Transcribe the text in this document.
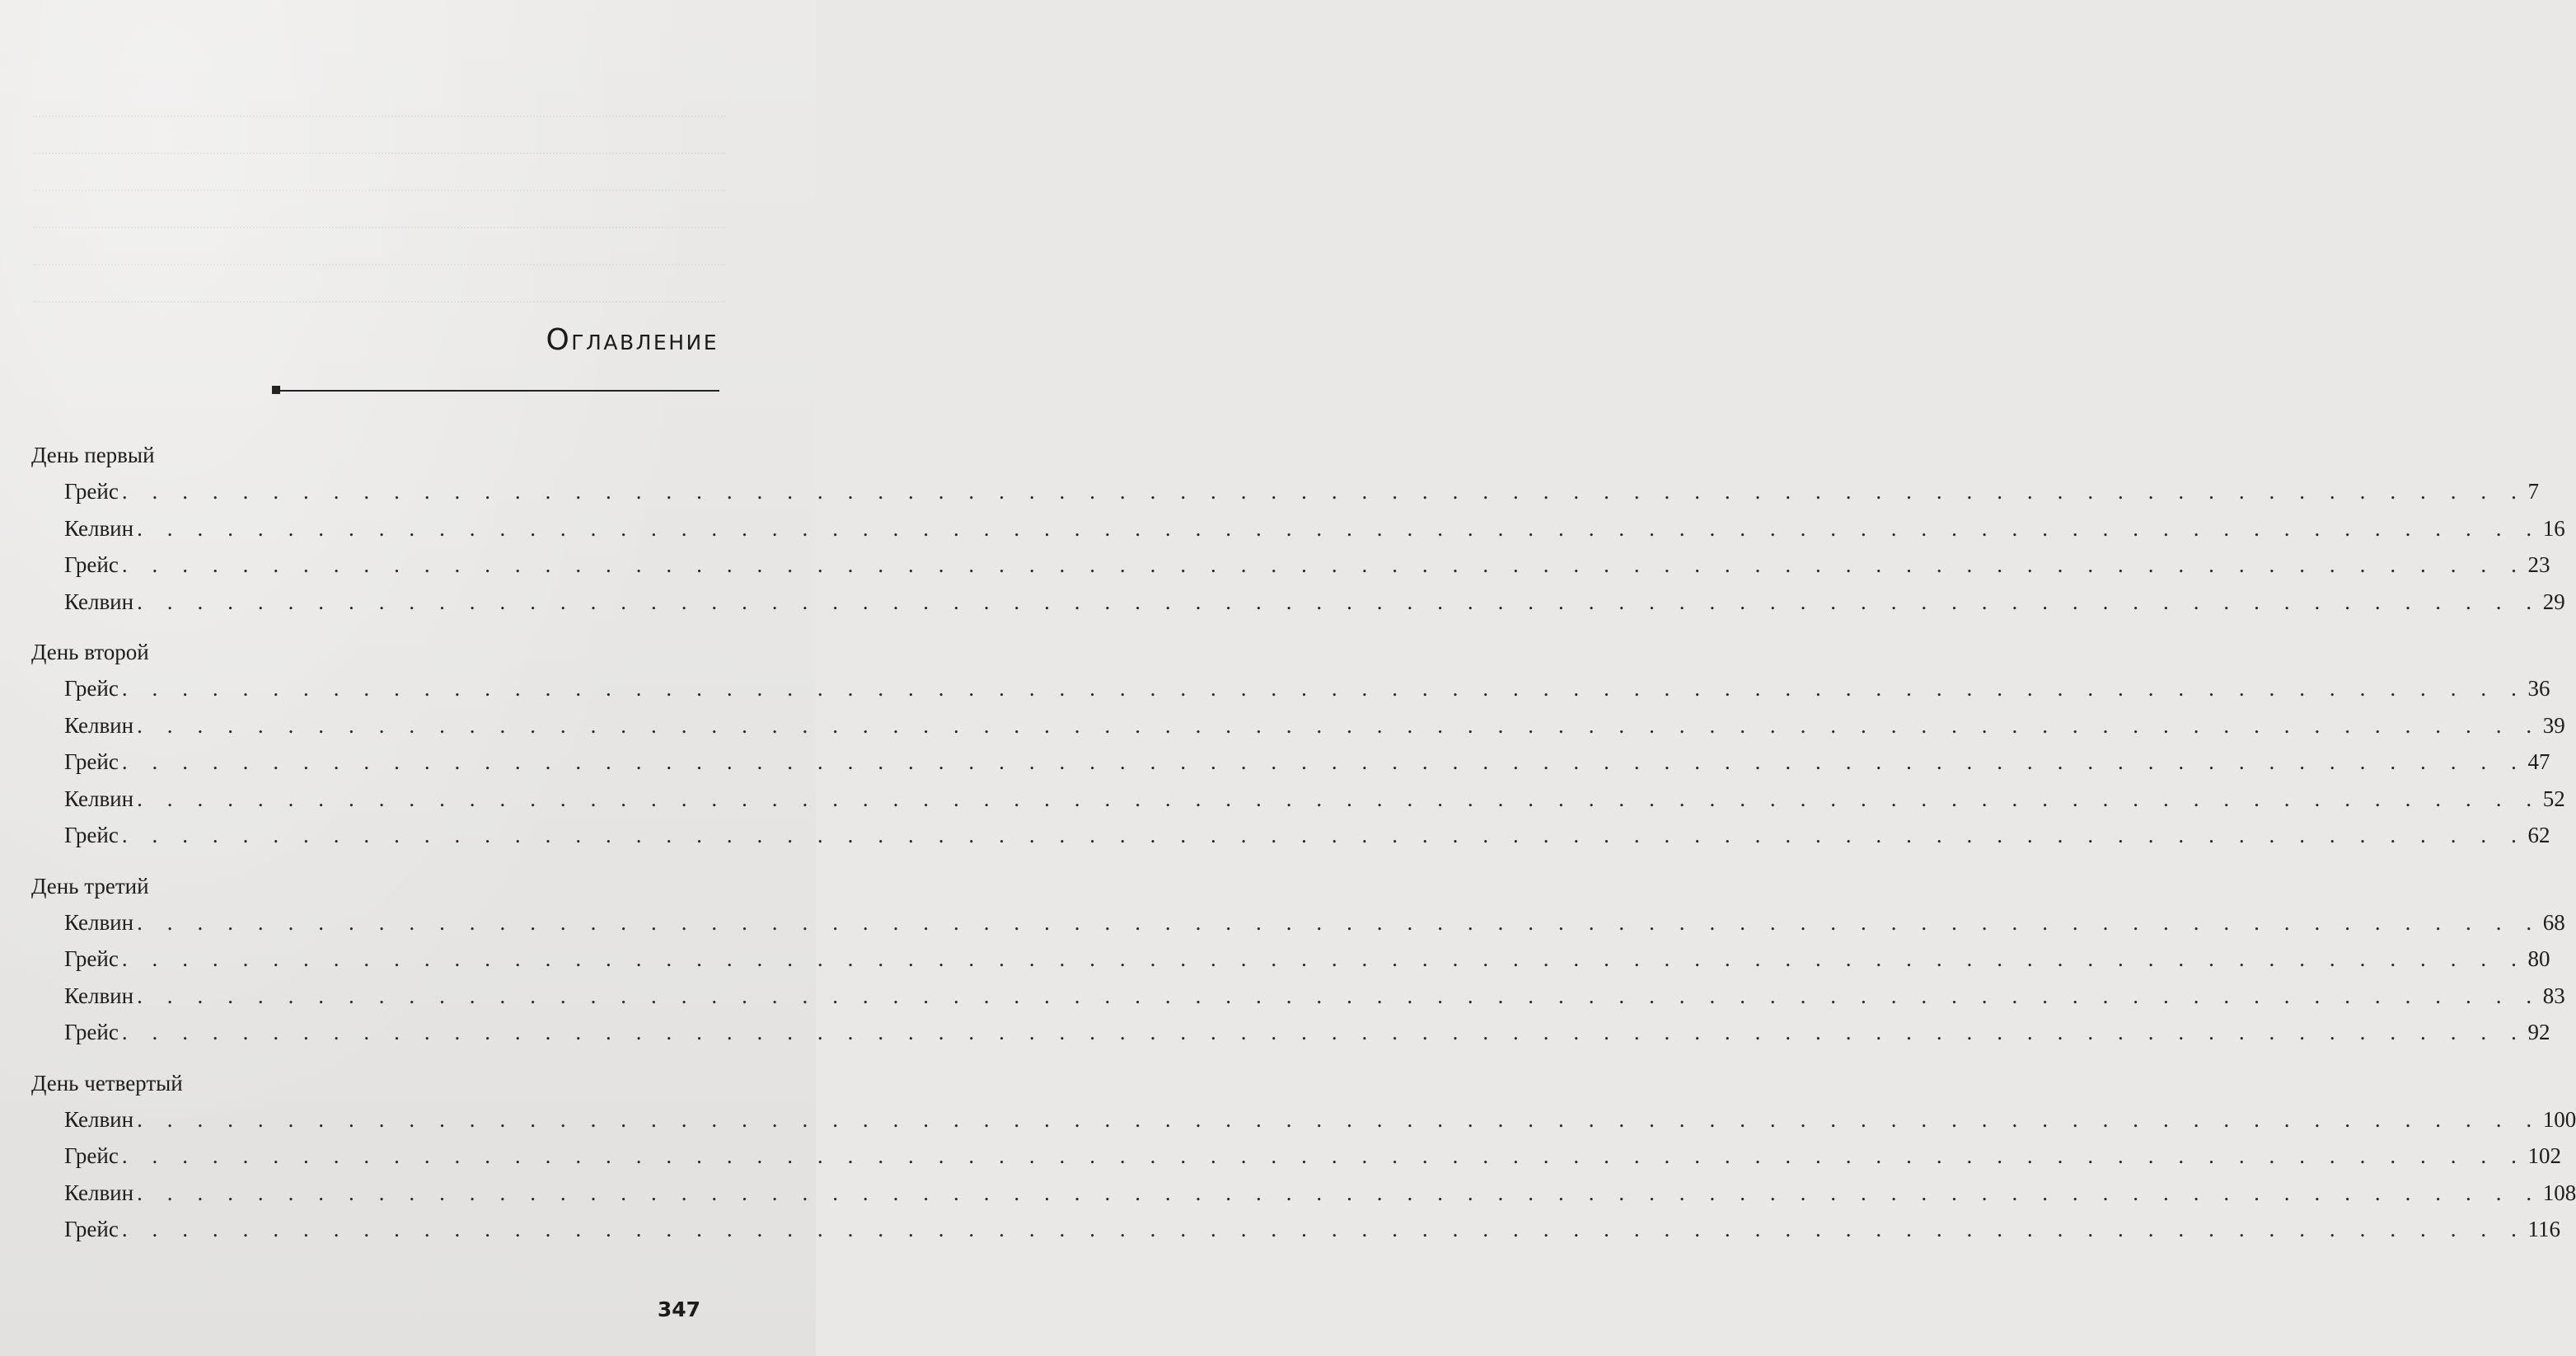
Оглавление
День первый
Грейс . . . . . . . . . . . . . . . . . . . . . . . . . . . . . . . . . . . . . . . . . . . . . . . . . . . . . . . . . . . . . . . . . . . . . . . . . . . . . . . . 7
Келвин . . . . . . . . . . . . . . . . . . . . . . . . . . . . . . . . . . . . . . . . . . . . . . . . . . . . . . . . . . . . . . . . . . . . . . . . . . . . . . . . 16
Грейс . . . . . . . . . . . . . . . . . . . . . . . . . . . . . . . . . . . . . . . . . . . . . . . . . . . . . . . . . . . . . . . . . . . . . . . . . . . . . . . . 23
Келвин . . . . . . . . . . . . . . . . . . . . . . . . . . . . . . . . . . . . . . . . . . . . . . . . . . . . . . . . . . . . . . . . . . . . . . . . . . . . . . . . 29
День второй
Грейс . . . . . . . . . . . . . . . . . . . . . . . . . . . . . . . . . . . . . . . . . . . . . . . . . . . . . . . . . . . . . . . . . . . . . . . . . . . . . . . . 36
Келвин . . . . . . . . . . . . . . . . . . . . . . . . . . . . . . . . . . . . . . . . . . . . . . . . . . . . . . . . . . . . . . . . . . . . . . . . . . . . . . . . 39
Грейс . . . . . . . . . . . . . . . . . . . . . . . . . . . . . . . . . . . . . . . . . . . . . . . . . . . . . . . . . . . . . . . . . . . . . . . . . . . . . . . . 47
Келвин . . . . . . . . . . . . . . . . . . . . . . . . . . . . . . . . . . . . . . . . . . . . . . . . . . . . . . . . . . . . . . . . . . . . . . . . . . . . . . . . 52
Грейс . . . . . . . . . . . . . . . . . . . . . . . . . . . . . . . . . . . . . . . . . . . . . . . . . . . . . . . . . . . . . . . . . . . . . . . . . . . . . . . . 62
День третий
Келвин . . . . . . . . . . . . . . . . . . . . . . . . . . . . . . . . . . . . . . . . . . . . . . . . . . . . . . . . . . . . . . . . . . . . . . . . . . . . . . . . 68
Грейс . . . . . . . . . . . . . . . . . . . . . . . . . . . . . . . . . . . . . . . . . . . . . . . . . . . . . . . . . . . . . . . . . . . . . . . . . . . . . . . . 80
Келвин . . . . . . . . . . . . . . . . . . . . . . . . . . . . . . . . . . . . . . . . . . . . . . . . . . . . . . . . . . . . . . . . . . . . . . . . . . . . . . . . 83
Грейс . . . . . . . . . . . . . . . . . . . . . . . . . . . . . . . . . . . . . . . . . . . . . . . . . . . . . . . . . . . . . . . . . . . . . . . . . . . . . . . . 92
День четвертый
Келвин . . . . . . . . . . . . . . . . . . . . . . . . . . . . . . . . . . . . . . . . . . . . . . . . . . . . . . . . . . . . . . . . . . . . . . . . . . . . . . . . 100
Грейс . . . . . . . . . . . . . . . . . . . . . . . . . . . . . . . . . . . . . . . . . . . . . . . . . . . . . . . . . . . . . . . . . . . . . . . . . . . . . . . . 102
Келвин . . . . . . . . . . . . . . . . . . . . . . . . . . . . . . . . . . . . . . . . . . . . . . . . . . . . . . . . . . . . . . . . . . . . . . . . . . . . . . . . 108
Грейс . . . . . . . . . . . . . . . . . . . . . . . . . . . . . . . . . . . . . . . . . . . . . . . . . . . . . . . . . . . . . . . . . . . . . . . . . . . . . . . . 116
347
